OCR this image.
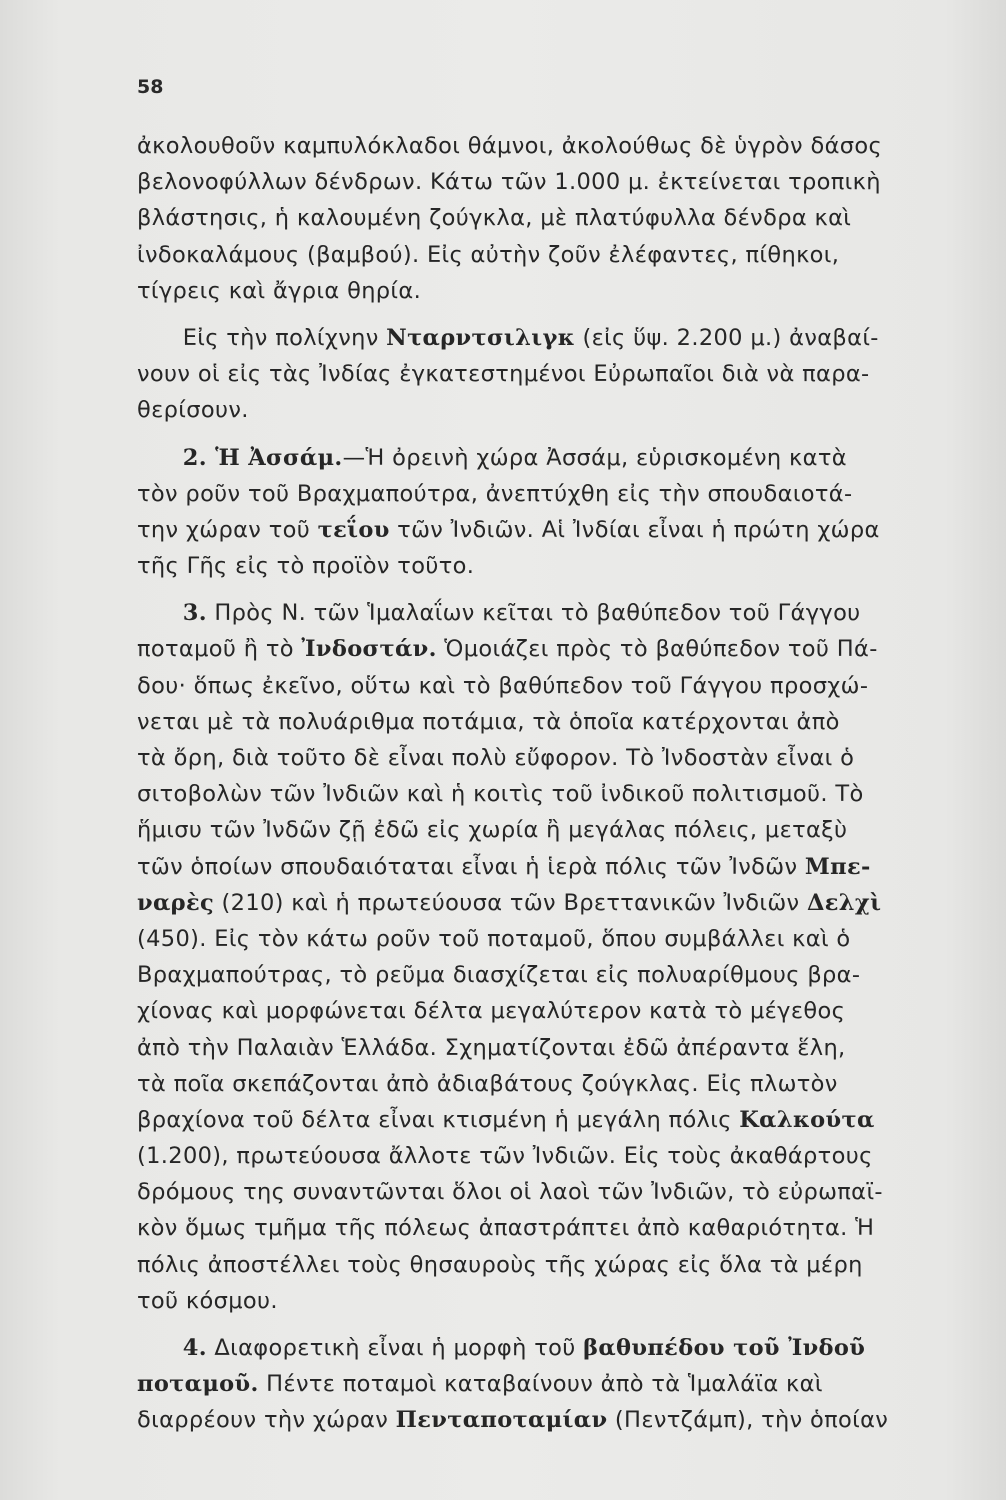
58
ἀκολουθοῦν καμπυλόκλαδοι θάμνοι, ἀκολούθως δὲ ὑγρὸν δάσος
βελονοφύλλων δένδρων. Κάτω τῶν 1.000 μ. ἐκτείνεται τροπικὴ
βλάστησις, ἡ καλουμένη ζούγκλα, μὲ πλατύφυλλα δένδρα καὶ
ἰνδοκαλάμους (βαμβού). Εἰς αὐτὴν ζοῦν ἐλέφαντες, πίθηκοι,
τίγρεις καὶ ἄγρια θηρία.
  Εἰς τὴν πολίχνην Νταρντσιλιγκ (εἰς ὕψ. 2.200 μ.) ἀναβαί-
νουν οἱ εἰς τὰς Ἰνδίας ἐγκατεστημένοι Εὐρωπαῖοι διὰ νὰ παρα-
θερίσουν.
  2. Ἡ Ἀσσάμ.—Ἡ ὀρεινὴ χώρα Ἀσσάμ, εὑρισκομένη κατὰ
τὸν ροῦν τοῦ Βραχμαπούτρα, ἀνεπτύχθη εἰς τὴν σπουδαιοτά-
την χώραν τοῦ τεΐου τῶν Ἰνδιῶν. Αἱ Ἰνδίαι εἶναι ἡ πρώτη χώρα
τῆς Γῆς εἰς τὸ προϊὸν τοῦτο.
  3. Πρὸς Ν. τῶν Ἱμαλαΐων κεῖται τὸ βαθύπεδον τοῦ Γάγγου
ποταμοῦ ἢ τὸ Ἰνδοστάν. Ὁμοιάζει πρὸς τὸ βαθύπεδον τοῦ Πά-
δου· ὅπως ἐκεῖνο, οὕτω καὶ τὸ βαθύπεδον τοῦ Γάγγου προσχώ-
νεται μὲ τὰ πολυάριθμα ποτάμια, τὰ ὁποῖα κατέρχονται ἀπὸ
τὰ ὄρη, διὰ τοῦτο δὲ εἶναι πολὺ εὔφορον. Τὸ Ἰνδοστὰν εἶναι ὁ
σιτοβολὼν τῶν Ἰνδιῶν καὶ ἡ κοιτὶς τοῦ ἰνδικοῦ πολιτισμοῦ. Τὸ
ἥμισυ τῶν Ἰνδῶν ζῇ ἐδῶ εἰς χωρία ἢ μεγάλας πόλεις, μεταξὺ
τῶν ὁποίων σπουδαιόταται εἶναι ἡ ἱερὰ πόλις τῶν Ἰνδῶν Μπε-
ναρὲς (210) καὶ ἡ πρωτεύουσα τῶν Βρεττανικῶν Ἰνδιῶν Δελχὶ
(450). Εἰς τὸν κάτω ροῦν τοῦ ποταμοῦ, ὅπου συμβάλλει καὶ ὁ
Βραχμαπούτρας, τὸ ρεῦμα διασχίζεται εἰς πολυαρίθμους βρα-
χίονας καὶ μορφώνεται δέλτα μεγαλύτερον κατὰ τὸ μέγεθος
ἀπὸ τὴν Παλαιὰν Ἑλλάδα. Σχηματίζονται ἐδῶ ἀπέραντα ἕλη,
τὰ ποῖα σκεπάζονται ἀπὸ ἀδιαβάτους ζούγκλας. Εἰς πλωτὸν
βραχίονα τοῦ δέλτα εἶναι κτισμένη ἡ μεγάλη πόλις Καλκούτα
(1.200), πρωτεύουσα ἄλλοτε τῶν Ἰνδιῶν. Εἰς τοὺς ἀκαθάρτους
δρόμους της συναντῶνται ὅλοι οἱ λαοὶ τῶν Ἰνδιῶν, τὸ εὐρωπαϊ-
κὸν ὅμως τμῆμα τῆς πόλεως ἀπαστράπτει ἀπὸ καθαριότητα. Ἡ
πόλις ἀποστέλλει τοὺς θησαυροὺς τῆς χώρας εἰς ὅλα τὰ μέρη
τοῦ κόσμου.
  4. Διαφορετικὴ εἶναι ἡ μορφὴ τοῦ βαθυπέδου τοῦ Ἰνδοῦ
ποταμοῦ. Πέντε ποταμοὶ καταβαίνουν ἀπὸ τὰ Ἱμαλάϊα καὶ
διαρρέουν τὴν χώραν Πενταποταμίαν (Πεντζάμπ), τὴν ὁποίαν
